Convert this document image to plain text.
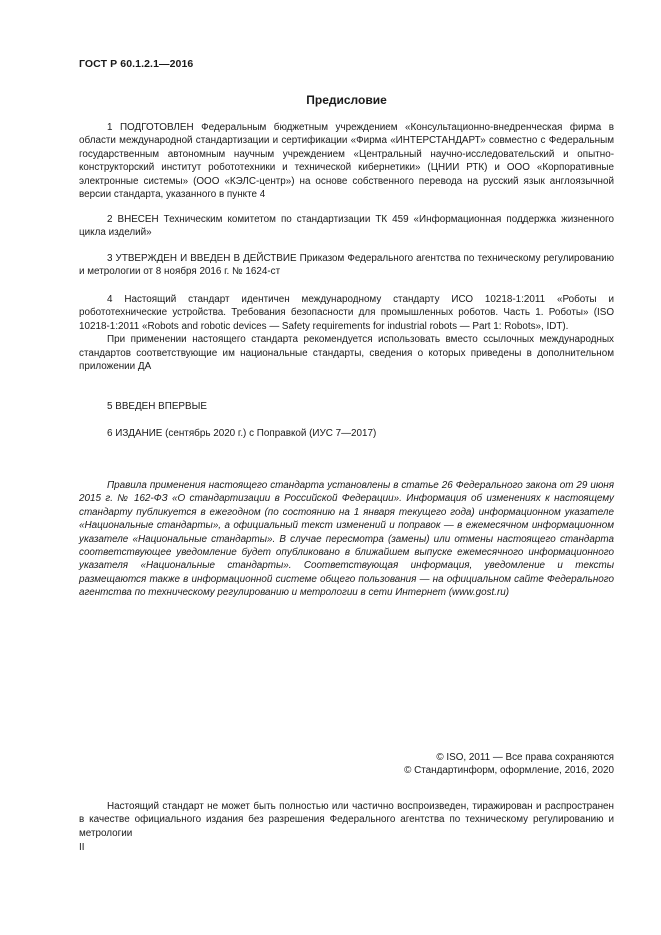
ГОСТ Р 60.1.2.1—2016
Предисловие

1 ПОДГОТОВЛЕН Федеральным бюджетным учреждением «Консультационно-внедренческая фирма в области международной стандартизации и сертификации «Фирма «ИНТЕРСТАНДАРТ» совместно с Федеральным государственным автономным научным учреждением «Центральный научно-исследовательский и опытно-конструкторский институт робототехники и технической кибернетики» (ЦНИИ РТК) и ООО «Корпоративные электронные системы» (ООО «КЭЛС-центр») на основе собственного перевода на русский язык англоязычной версии стандарта, указанного в пункте 4

2 ВНЕСЕН Техническим комитетом по стандартизации ТК 459 «Информационная поддержка жизненного цикла изделий»

3 УТВЕРЖДЕН И ВВЕДЕН В ДЕЙСТВИЕ Приказом Федерального агентства по техническому регулированию и метрологии от 8 ноября 2016 г. № 1624-ст

4 Настоящий стандарт идентичен международному стандарту ИСО 10218-1:2011 «Роботы и робототехнические устройства. Требования безопасности для промышленных роботов. Часть 1. Роботы» (ISO 10218-1:2011 «Robots and robotic devices — Safety requirements for industrial robots — Part 1: Robots», IDT).

При применении настоящего стандарта рекомендуется использовать вместо ссылочных международных стандартов соответствующие им национальные стандарты, сведения о которых приведены в дополнительном приложении ДА

5 ВВЕДЕН ВПЕРВЫЕ

6 ИЗДАНИЕ (сентябрь 2020 г.) с Поправкой (ИУС 7—2017)

Правила применения настоящего стандарта установлены в статье 26 Федерального закона от 29 июня 2015 г. № 162-ФЗ «О стандартизации в Российской Федерации». Информация об изменениях к настоящему стандарту публикуется в ежегодном (по состоянию на 1 января текущего года) информационном указателе «Национальные стандарты», а официальный текст изменений и поправок — в ежемесячном информационном указателе «Национальные стандарты». В случае пересмотра (замены) или отмены настоящего стандарта соответствующее уведомление будет опубликовано в ближайшем выпуске ежемесячного информационного указателя «Национальные стандарты». Соответствующая информация, уведомление и тексты размещаются также в информационной системе общего пользования — на официальном сайте Федерального агентства по техническому регулированию и метрологии в сети Интернет (www.gost.ru)

© ISO, 2011 — Все права сохраняются

© Стандартинформ, оформление, 2016, 2020

Настоящий стандарт не может быть полностью или частично воспроизведен, тиражирован и распространен в качестве официального издания без разрешения Федерального агентства по техническому регулированию и метрологии

II
